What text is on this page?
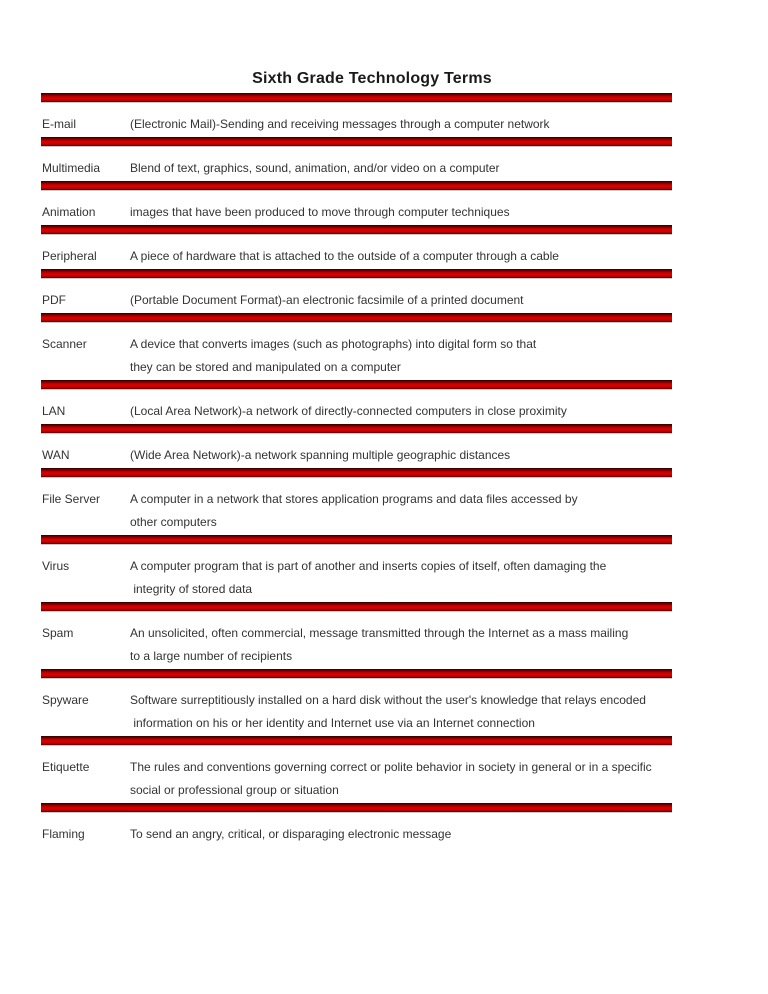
Sixth Grade Technology Terms
E-mail	(Electronic Mail)-Sending and receiving messages through a computer network
Multimedia	Blend of text, graphics, sound, animation, and/or video on a computer
Animation	images that have been produced to move through computer techniques
Peripheral	A piece of hardware that is attached to the outside of a computer through a cable
PDF	(Portable Document Format)-an electronic facsimile of a printed document
Scanner	A device that converts images (such as photographs) into digital form so that
they can be stored and manipulated on a computer
LAN	(Local Area Network)-a network of directly-connected computers in close proximity
WAN	(Wide Area Network)-a network spanning multiple geographic distances
File Server	A computer in a network that stores application programs and data files accessed by
other computers
Virus	A computer program that is part of another and inserts copies of itself, often damaging the
integrity of stored data
Spam	An unsolicited, often commercial, message transmitted through the Internet as a mass mailing
to a large number of recipients
Spyware	Software surreptitiously installed on a hard disk without the user's knowledge that relays encoded
information on his or her identity and Internet use via an Internet connection
Etiquette	The rules and conventions governing correct or polite behavior in society in general or in a specific
social or professional group or situation
Flaming	To send an angry, critical, or disparaging electronic message
